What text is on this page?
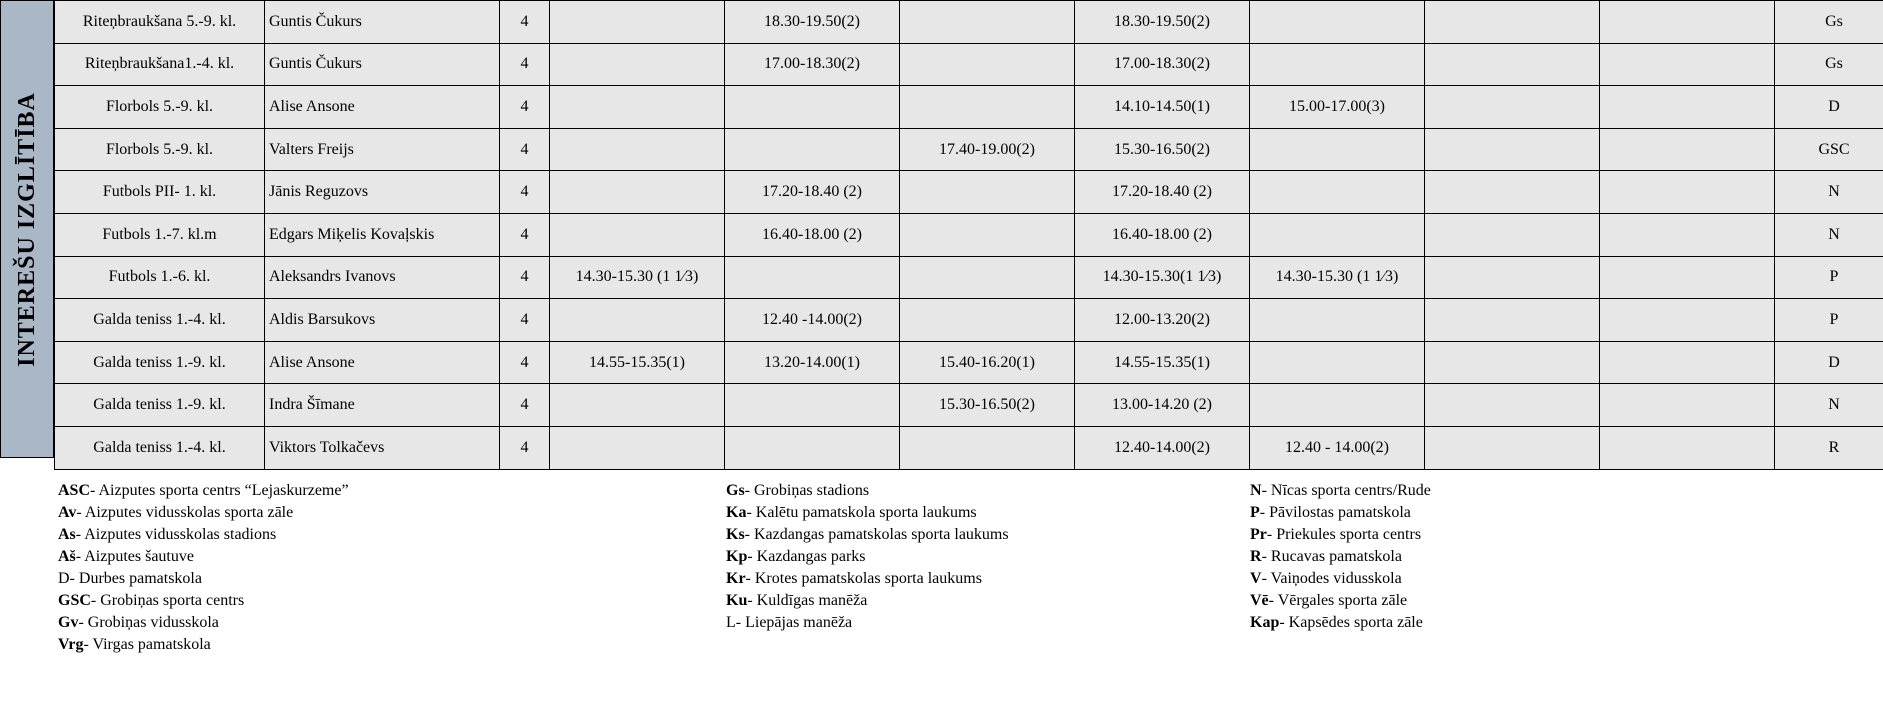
INTEREŠU IZGLĪTĪBA
Riteņbraukšana 5.-9. kl.	Guntis Čukurs	4		18.30-19.50(2)		18.30-19.50(2)				Gs
Riteņbraukšana1.-4. kl.	Guntis Čukurs	4		17.00-18.30(2)		17.00-18.30(2)				Gs
Florbols 5.-9. kl.	Alise Ansone	4				14.10-14.50(1)	15.00-17.00(3)			D
Florbols 5.-9. kl.	Valters Freijs	4			17.40-19.00(2)	15.30-16.50(2)				GSC
Futbols PII- 1. kl.	Jānis Reguzovs	4		17.20-18.40 (2)		17.20-18.40 (2)				N
Futbols 1.-7. kl.m	Edgars Miķelis Kovaļskis	4		16.40-18.00 (2)		16.40-18.00 (2)				N
Futbols 1.-6. kl.	Aleksandrs Ivanovs	4	14.30-15.30 (1 1⁄3)			14.30-15.30(1 1⁄3)	14.30-15.30 (1 1⁄3)			P
Galda teniss 1.-4. kl.	Aldis Barsukovs	4		12.40 -14.00(2)		12.00-13.20(2)				P
Galda teniss 1.-9. kl.	Alise Ansone	4	14.55-15.35(1)	13.20-14.00(1)	15.40-16.20(1)	14.55-15.35(1)				D
Galda teniss 1.-9. kl.	Indra Šīmane	4			15.30-16.50(2)	13.00-14.20 (2)				N
Galda teniss 1.-4. kl.	Viktors Tolkačevs	4				12.40-14.00(2)	12.40 - 14.00(2)			R
ASC- Aizputes sporta centrs “Lejaskurzeme”
Av- Aizputes vidusskolas sporta zāle
As- Aizputes vidusskolas stadions
Aš- Aizputes šautuve
D- Durbes pamatskola
GSC- Grobiņas sporta centrs
Gv- Grobiņas vidusskola
Vrg- Virgas pamatskola
Gs- Grobiņas stadions
Ka- Kalētu pamatskola sporta laukums
Ks- Kazdangas pamatskolas sporta laukums
Kp- Kazdangas parks
Kr- Krotes pamatskolas sporta laukums
Ku- Kuldīgas manēža
L- Liepājas manēža
N- Nīcas sporta centrs/Rude
P- Pāvilostas pamatskola
Pr- Priekules sporta centrs
R- Rucavas pamatskola
V- Vaiņodes vidusskola
Vē- Vērgales sporta zāle
Kap- Kapsēdes sporta zāle
